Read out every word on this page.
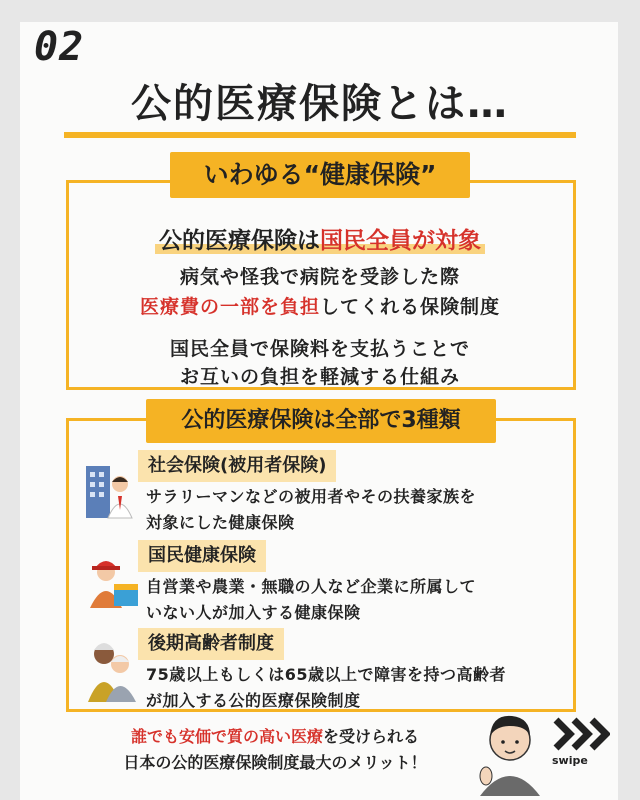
02
公的医療保険とは…
いわゆる“健康保険”
公的医療保険は国民全員が対象
病気や怪我で病院を受診した際
医療費の一部を負担してくれる保険制度
国民全員で保険料を支払うことで
お互いの負担を軽減する仕組み
公的医療保険は全部で3種類
社会保険(被用者保険)
サラリーマンなどの被用者やその扶養家族を
対象にした健康保険
国民健康保険
自営業や農業・無職の人など企業に所属して
いない人が加入する健康保険
後期高齢者制度
75歳以上もしくは65歳以上で障害を持つ高齢者
が加入する公的医療保険制度
誰でも安価で質の高い医療を受けられる
日本の公的医療保険制度最大のメリット！	swipe
